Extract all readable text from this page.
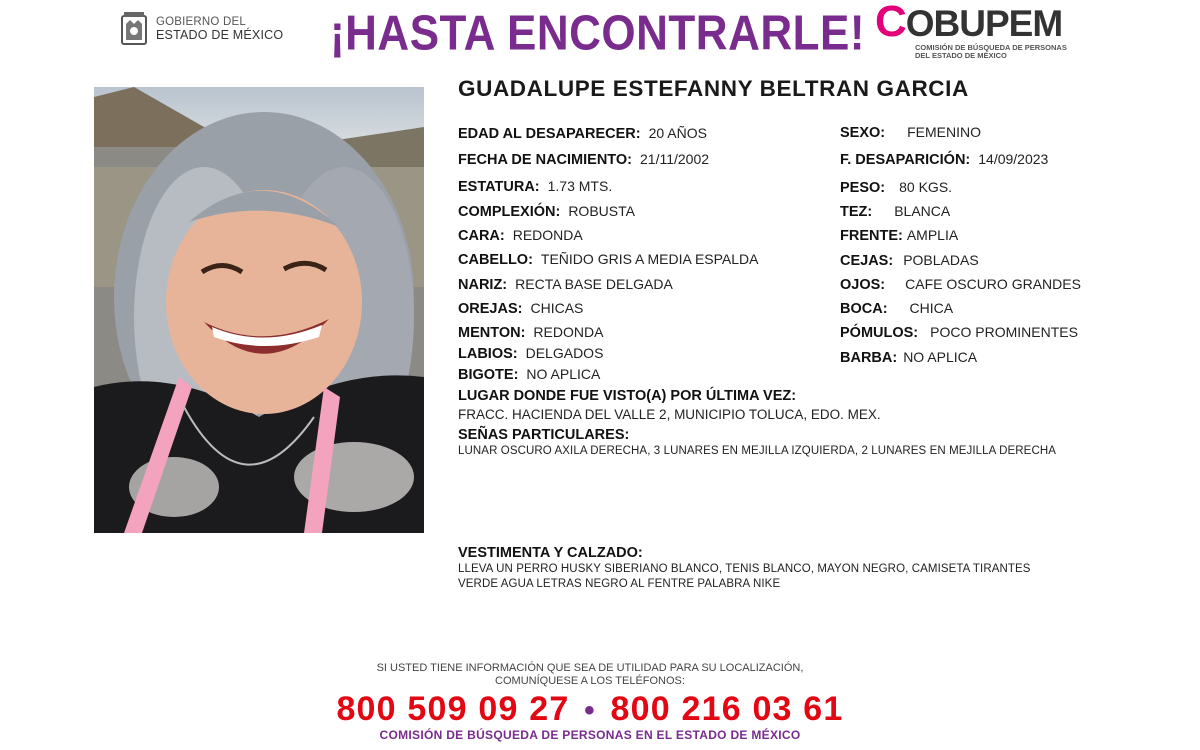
GOBIERNO DEL
ESTADO DE MÉXICO ¡HASTA ENCONTRARLE! COBUPEM
COMISIÓN DE BÚSQUEDA DE PERSONAS
DEL ESTADO DE MÉXICO
GUADALUPE ESTEFANNY BELTRAN GARCIA
EDAD AL DESAPARECER: 20 AÑOS
FECHA DE NACIMIENTO: 21/11/2002
ESTATURA: 1.73 MTS.
COMPLEXIÓN: ROBUSTA
CARA: REDONDA
CABELLO: TEÑIDO GRIS A MEDIA ESPALDA
NARIZ: RECTA BASE DELGADA
OREJAS: CHICAS
MENTON: REDONDA
LABIOS: DELGADOS
BIGOTE: NO APLICA
SEXO: FEMENINO
F. DESAPARICIÓN: 14/09/2023
PESO: 80 KGS.
TEZ: BLANCA
FRENTE: AMPLIA
CEJAS: POBLADAS
OJOS: CAFE OSCURO GRANDES
BOCA: CHICA
PÓMULOS: POCO PROMINENTES
BARBA: NO APLICA
LUGAR DONDE FUE VISTO(A) POR ÚLTIMA VEZ:
FRACC. HACIENDA DEL VALLE 2, MUNICIPIO TOLUCA, EDO. MEX.
SEÑAS PARTICULARES:
LUNAR OSCURO AXILA DERECHA, 3 LUNARES EN MEJILLA IZQUIERDA, 2 LUNARES EN MEJILLA DERECHA
VESTIMENTA Y CALZADO:
LLEVA UN PERRO HUSKY SIBERIANO BLANCO, TENIS BLANCO, MAYON NEGRO, CAMISETA TIRANTES
VERDE AGUA LETRAS NEGRO AL FENTRE PALABRA NIKE
SI USTED TIENE INFORMACIÓN QUE SEA DE UTILIDAD PARA SU LOCALIZACIÓN,
COMUNÍQUESE A LOS TELÉFONOS:
800 509 09 27 • 800 216 03 61
COMISIÓN DE BÚSQUEDA DE PERSONAS EN EL ESTADO DE MÉXICO
